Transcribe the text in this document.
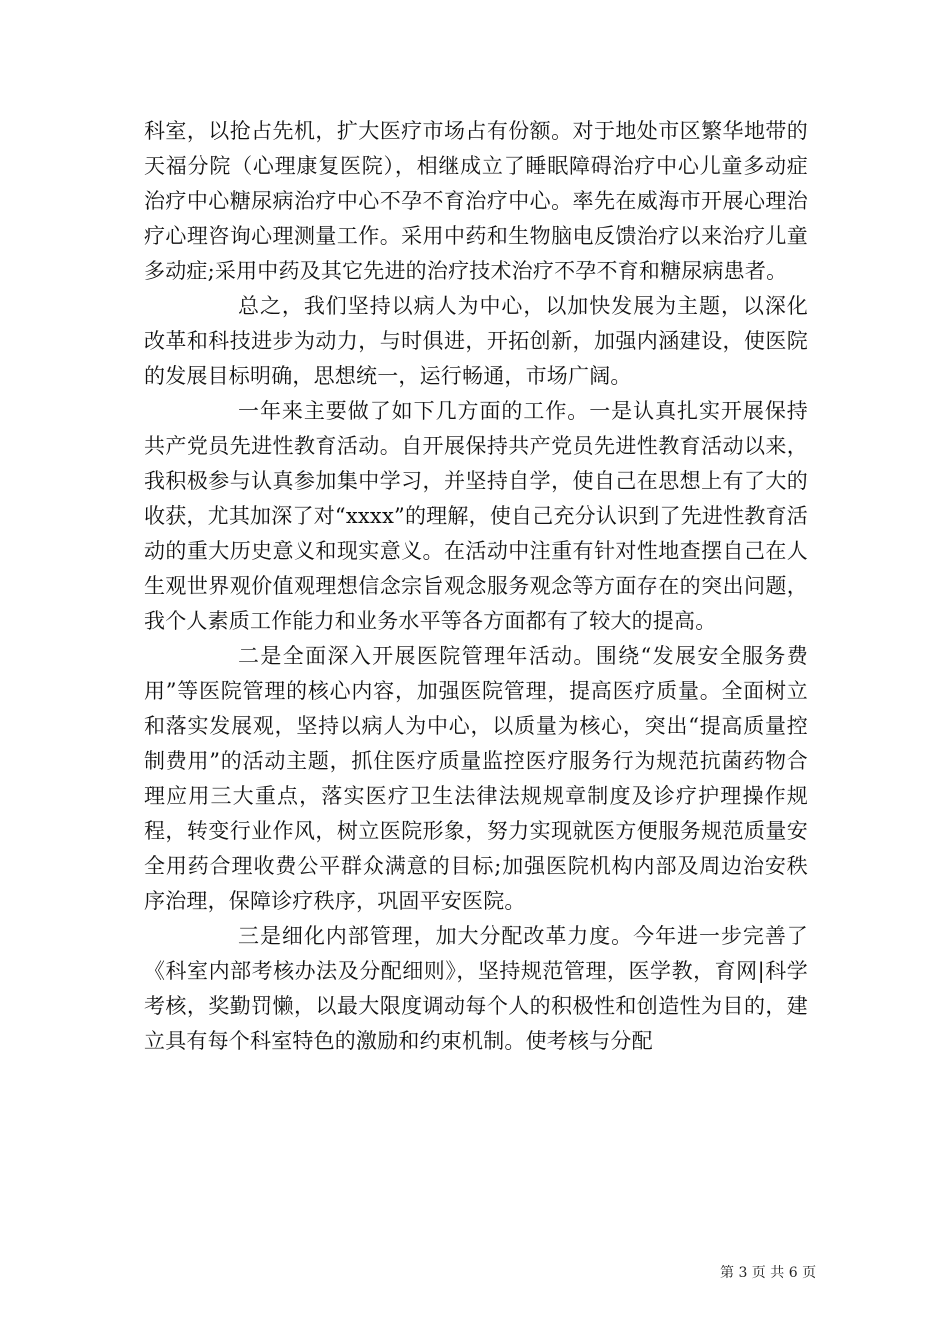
科室，以抢占先机，扩大医疗市场占有份额。对于地处市区繁华地带的天福分院（心理康复医院），相继成立了睡眠障碍治疗中心儿童多动症治疗中心糖尿病治疗中心不孕不育治疗中心。率先在威海市开展心理治疗心理咨询心理测量工作。采用中药和生物脑电反馈治疗以来治疗儿童多动症;采用中药及其它先进的治疗技术治疗不孕不育和糖尿病患者。

总之，我们坚持以病人为中心，以加快发展为主题，以深化改革和科技进步为动力，与时俱进，开拓创新，加强内涵建设，使医院的发展目标明确，思想统一，运行畅通，市场广阔。

一年来主要做了如下几方面的工作。一是认真扎实开展保持共产党员先进性教育活动。自开展保持共产党员先进性教育活动以来，我积极参与认真参加集中学习，并坚持自学，使自己在思想上有了大的收获，尤其加深了对“xxxx”的理解，使自己充分认识到了先进性教育活动的重大历史意义和现实意义。在活动中注重有针对性地查摆自己在人生观世界观价值观理想信念宗旨观念服务观念等方面存在的突出问题，我个人素质工作能力和业务水平等各方面都有了较大的提高。

二是全面深入开展医院管理年活动。围绕“发展安全服务费用”等医院管理的核心内容，加强医院管理，提高医疗质量。全面树立和落实发展观，坚持以病人为中心，以质量为核心，突出“提高质量控制费用”的活动主题，抓住医疗质量监控医疗服务行为规范抗菌药物合理应用三大重点，落实医疗卫生法律法规规章制度及诊疗护理操作规程，转变行业作风，树立医院形象，努力实现就医方便服务规范质量安全用药合理收费公平群众满意的目标;加强医院机构内部及周边治安秩序治理，保障诊疗秩序，巩固平安医院。

三是细化内部管理，加大分配改革力度。今年进一步完善了《科室内部考核办法及分配细则》，坚持规范管理，医学教，育网|科学考核，奖勤罚懒，以最大限度调动每个人的积极性和创造性为目的，建立具有每个科室特色的激励和约束机制。使考核与分配

第 3 页 共 6 页
